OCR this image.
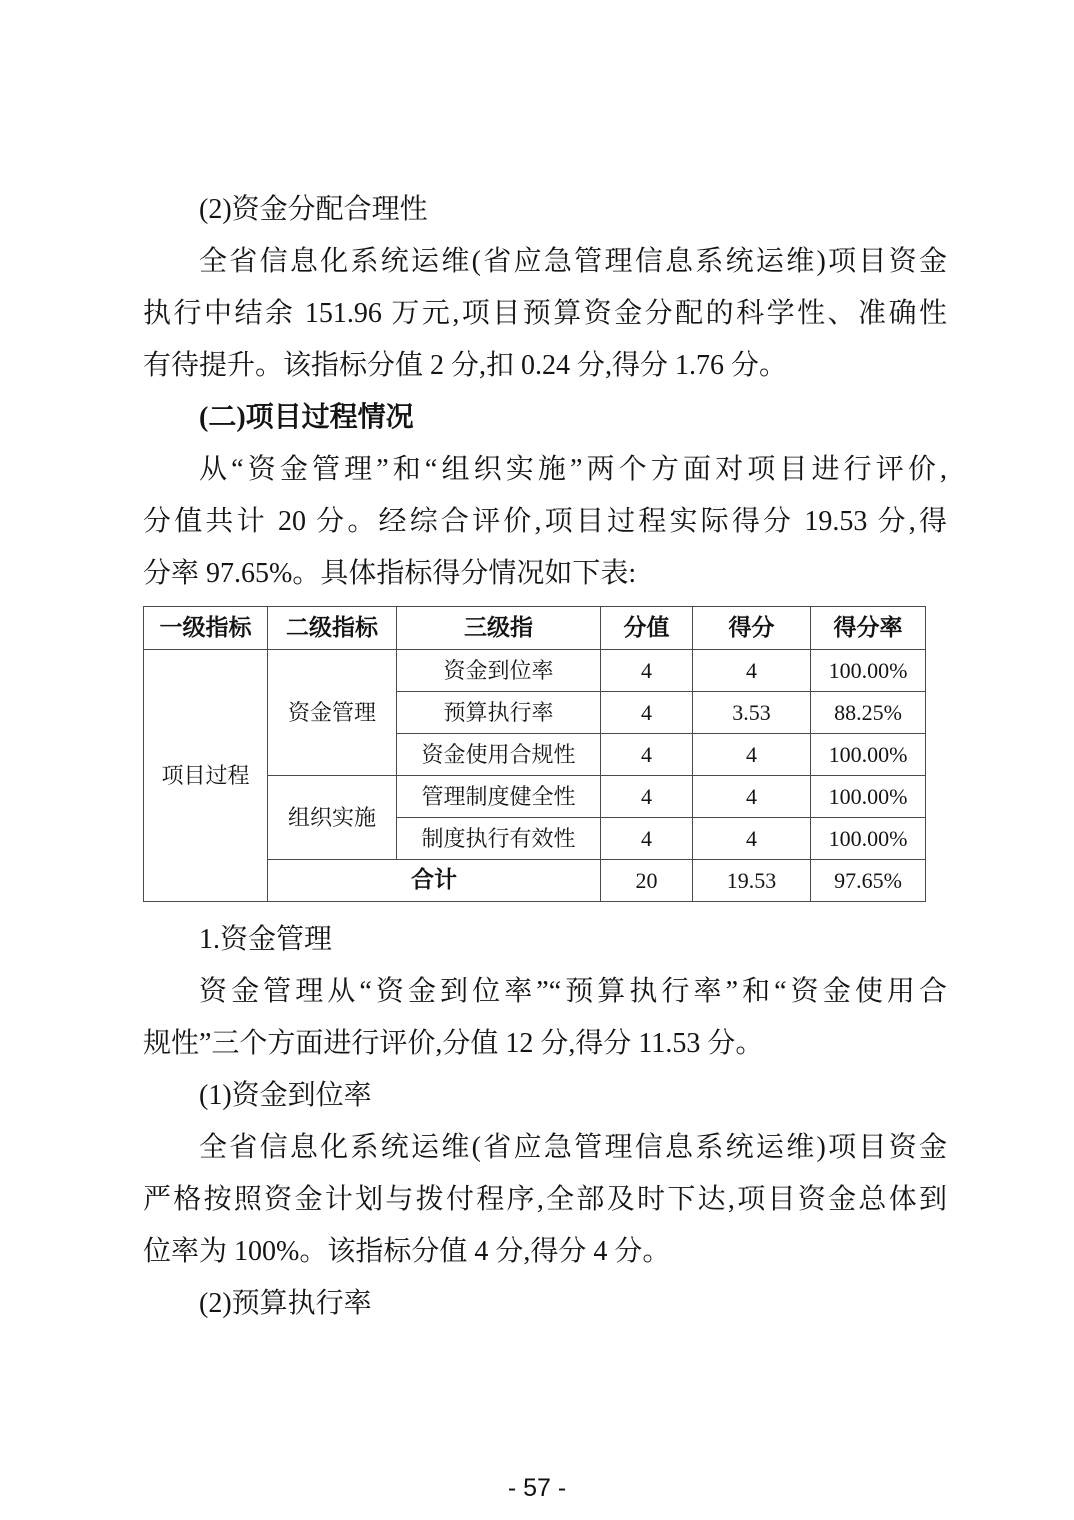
(2)资金分配合理性
全省信息化系统运维(省应急管理信息系统运维)项目资金
执行中结余 151.96 万元,项目预算资金分配的科学性、准确性
有待提升。该指标分值 2 分,扣 0.24 分,得分 1.76 分。
(二)项目过程情况
从“资金管理”和“组织实施”两个方面对项目进行评价,
分值共计 20 分。经综合评价,项目过程实际得分 19.53 分,得
分率 97.65%。具体指标得分情况如下表:
一级指标	二级指标	三级指	分值	得分	得分率
项目过程	资金管理	资金到位率	4	4	100.00%
		预算执行率	4	3.53	88.25%
		资金使用合规性	4	4	100.00%
	组织实施	管理制度健全性	4	4	100.00%
		制度执行有效性	4	4	100.00%
	合计		20	19.53	97.65%
1.资金管理
资金管理从“资金到位率”“预算执行率”和“资金使用合
规性”三个方面进行评价,分值 12 分,得分 11.53 分。
(1)资金到位率
全省信息化系统运维(省应急管理信息系统运维)项目资金
严格按照资金计划与拨付程序,全部及时下达,项目资金总体到
位率为 100%。该指标分值 4 分,得分 4 分。
(2)预算执行率
- 57 -
